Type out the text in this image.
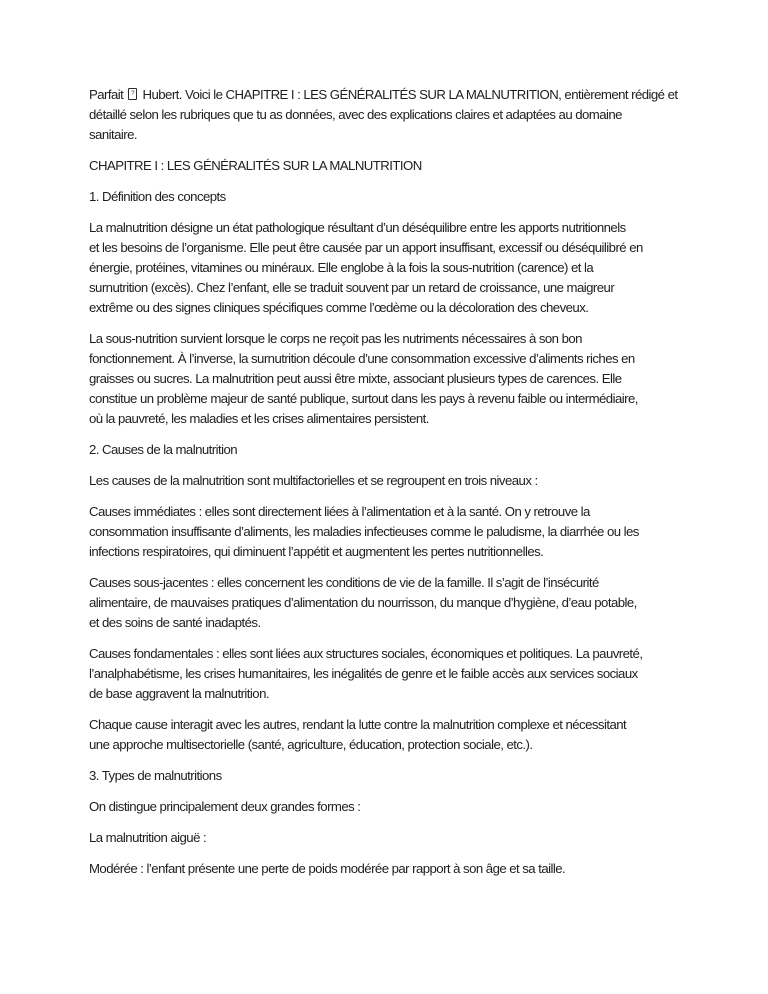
Parfait ? Hubert. Voici le CHAPITRE I : LES GÉNÉRALITÉS SUR LA MALNUTRITION, entièrement rédigé et
détaillé selon les rubriques que tu as données, avec des explications claires et adaptées au domaine
sanitaire.
CHAPITRE I : LES GÉNÉRALITÉS SUR LA MALNUTRITION
1. Définition des concepts
La malnutrition désigne un état pathologique résultant d’un déséquilibre entre les apports nutritionnels
et les besoins de l’organisme. Elle peut être causée par un apport insuffisant, excessif ou déséquilibré en
énergie, protéines, vitamines ou minéraux. Elle englobe à la fois la sous-nutrition (carence) et la
surnutrition (excès). Chez l’enfant, elle se traduit souvent par un retard de croissance, une maigreur
extrême ou des signes cliniques spécifiques comme l’œdème ou la décoloration des cheveux.
La sous-nutrition survient lorsque le corps ne reçoit pas les nutriments nécessaires à son bon
fonctionnement. À l’inverse, la surnutrition découle d’une consommation excessive d’aliments riches en
graisses ou sucres. La malnutrition peut aussi être mixte, associant plusieurs types de carences. Elle
constitue un problème majeur de santé publique, surtout dans les pays à revenu faible ou intermédiaire,
où la pauvreté, les maladies et les crises alimentaires persistent.
2. Causes de la malnutrition
Les causes de la malnutrition sont multifactorielles et se regroupent en trois niveaux :
Causes immédiates : elles sont directement liées à l’alimentation et à la santé. On y retrouve la
consommation insuffisante d’aliments, les maladies infectieuses comme le paludisme, la diarrhée ou les
infections respiratoires, qui diminuent l’appétit et augmentent les pertes nutritionnelles.
Causes sous-jacentes : elles concernent les conditions de vie de la famille. Il s’agit de l’insécurité
alimentaire, de mauvaises pratiques d’alimentation du nourrisson, du manque d’hygiène, d’eau potable,
et des soins de santé inadaptés.
Causes fondamentales : elles sont liées aux structures sociales, économiques et politiques. La pauvreté,
l’analphabétisme, les crises humanitaires, les inégalités de genre et le faible accès aux services sociaux
de base aggravent la malnutrition.
Chaque cause interagit avec les autres, rendant la lutte contre la malnutrition complexe et nécessitant
une approche multisectorielle (santé, agriculture, éducation, protection sociale, etc.).
3. Types de malnutritions
On distingue principalement deux grandes formes :
La malnutrition aiguë :
Modérée : l’enfant présente une perte de poids modérée par rapport à son âge et sa taille.
